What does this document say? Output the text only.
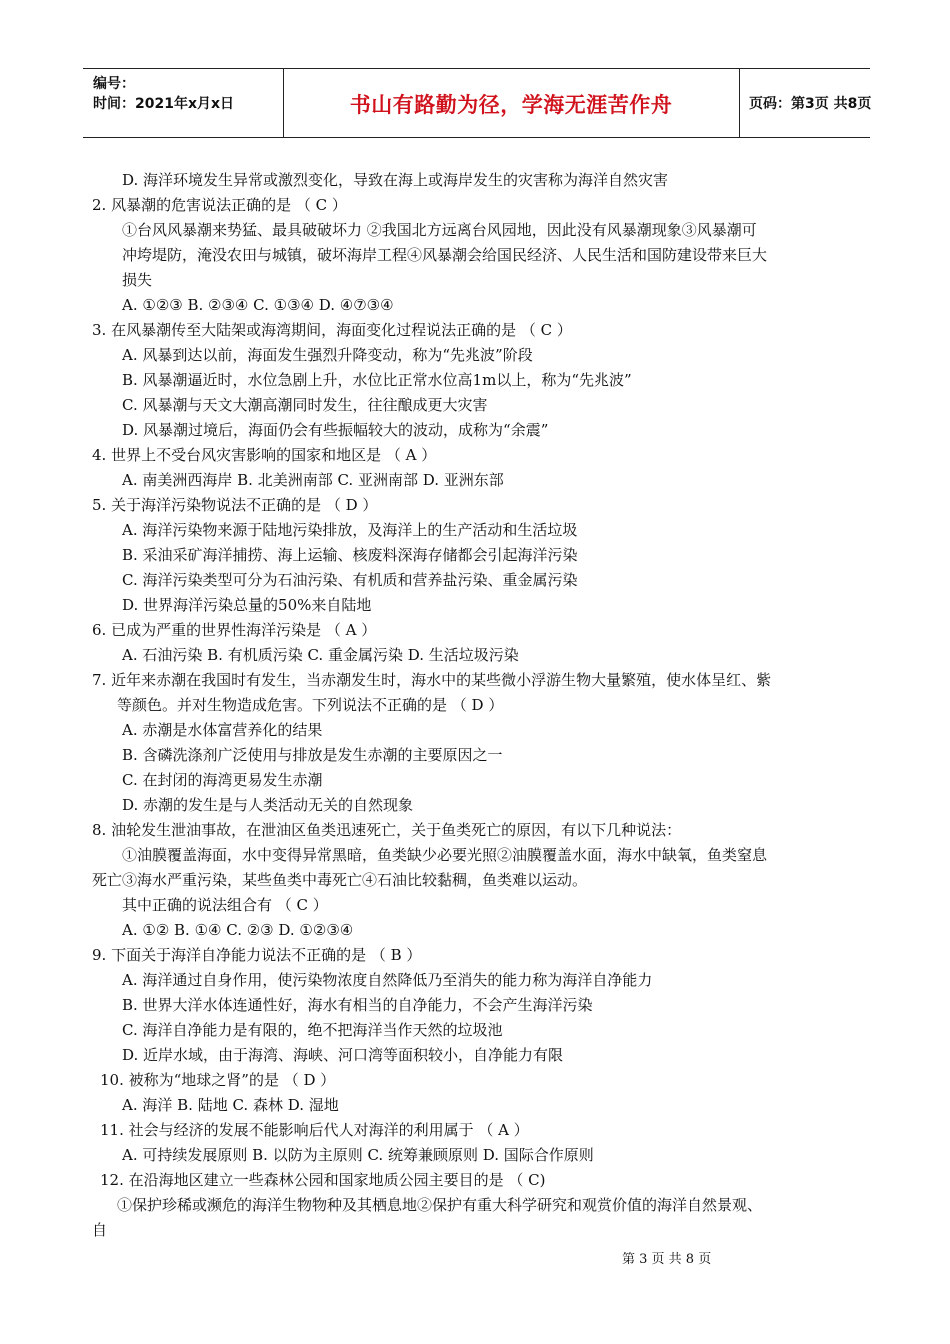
编号：
时间：2021年x月x日	书山有路勤为径，学海无涯苦作舟	页码：第3页 共8页
D. 海洋环境发生异常或激烈变化，导致在海上或海岸发生的灾害称为海洋自然灾害
2. 风暴潮的危害说法正确的是 （ C ）
①台风风暴潮来势猛、最具破破坏力 ②我国北方远离台风园地，因此没有风暴潮现象③风暴潮可
冲垮堤防，淹没农田与城镇，破坏海岸工程④风暴潮会给国民经济、人民生活和国防建设带来巨大
损失
A. ①②③ B. ②③④ C. ①③④ D. ④⑦③④
3. 在风暴潮传至大陆架或海湾期间，海面变化过程说法正确的是 （ C ）
A. 风暴到达以前，海面发生强烈升降变动，称为“先兆波”阶段
B. 风暴潮逼近时，水位急剧上升，水位比正常水位高1m以上，称为“先兆波”
C. 风暴潮与天文大潮高潮同时发生，往往酿成更大灾害
D. 风暴潮过境后，海面仍会有些振幅较大的波动，成称为“余震”
4. 世界上不受台风灾害影响的国家和地区是 （ A ）
A. 南美洲西海岸 B. 北美洲南部 C. 亚洲南部 D. 亚洲东部
5. 关于海洋污染物说法不正确的是 （ D ）
A. 海洋污染物来源于陆地污染排放，及海洋上的生产活动和生活垃圾
B. 采油采矿海洋捕捞、海上运输、核废料深海存储都会引起海洋污染
C. 海洋污染类型可分为石油污染、有机质和营养盐污染、重金属污染
D. 世界海洋污染总量的50%来自陆地
6. 已成为严重的世界性海洋污染是 （ A ）
A. 石油污染 B. 有机质污染 C. 重金属污染 D. 生活垃圾污染
7. 近年来赤潮在我国时有发生，当赤潮发生时，海水中的某些微小浮游生物大量繁殖，使水体呈红、紫
等颜色。并对生物造成危害。下列说法不正确的是 （ D ）
A. 赤潮是水体富营养化的结果
B. 含磷洗涤剂广泛使用与排放是发生赤潮的主要原因之一
C. 在封闭的海湾更易发生赤潮
D. 赤潮的发生是与人类活动无关的自然现象
8. 油轮发生泄油事故，在泄油区鱼类迅速死亡，关于鱼类死亡的原因，有以下几种说法：
①油膜覆盖海面，水中变得异常黑暗，鱼类缺少必要光照②油膜覆盖水面，海水中缺氧，鱼类窒息
死亡③海水严重污染，某些鱼类中毒死亡④石油比较黏稠，鱼类难以运动。
其中正确的说法组合有 （ C ）
A. ①② B. ①④ C. ②③ D. ①②③④
9. 下面关于海洋自净能力说法不正确的是 （ B ）
A. 海洋通过自身作用，使污染物浓度自然降低乃至消失的能力称为海洋自净能力
B. 世界大洋水体连通性好，海水有相当的自净能力，不会产生海洋污染
C. 海洋自净能力是有限的，绝不把海洋当作天然的垃圾池
D. 近岸水域，由于海湾、海峡、河口湾等面积较小，自净能力有限
10. 被称为“地球之肾”的是 （ D ）
A. 海洋 B. 陆地 C. 森林 D. 湿地
11. 社会与经济的发展不能影响后代人对海洋的利用属于 （ A ）
A. 可持续发展原则 B. 以防为主原则 C. 统筹兼顾原则 D. 国际合作原则
12. 在沿海地区建立一些森林公园和国家地质公园主要目的是 （ C)
①保护珍稀或濒危的海洋生物物种及其栖息地②保护有重大科学研究和观赏价值的海洋自然景观、
自
第 3 页 共 8 页
